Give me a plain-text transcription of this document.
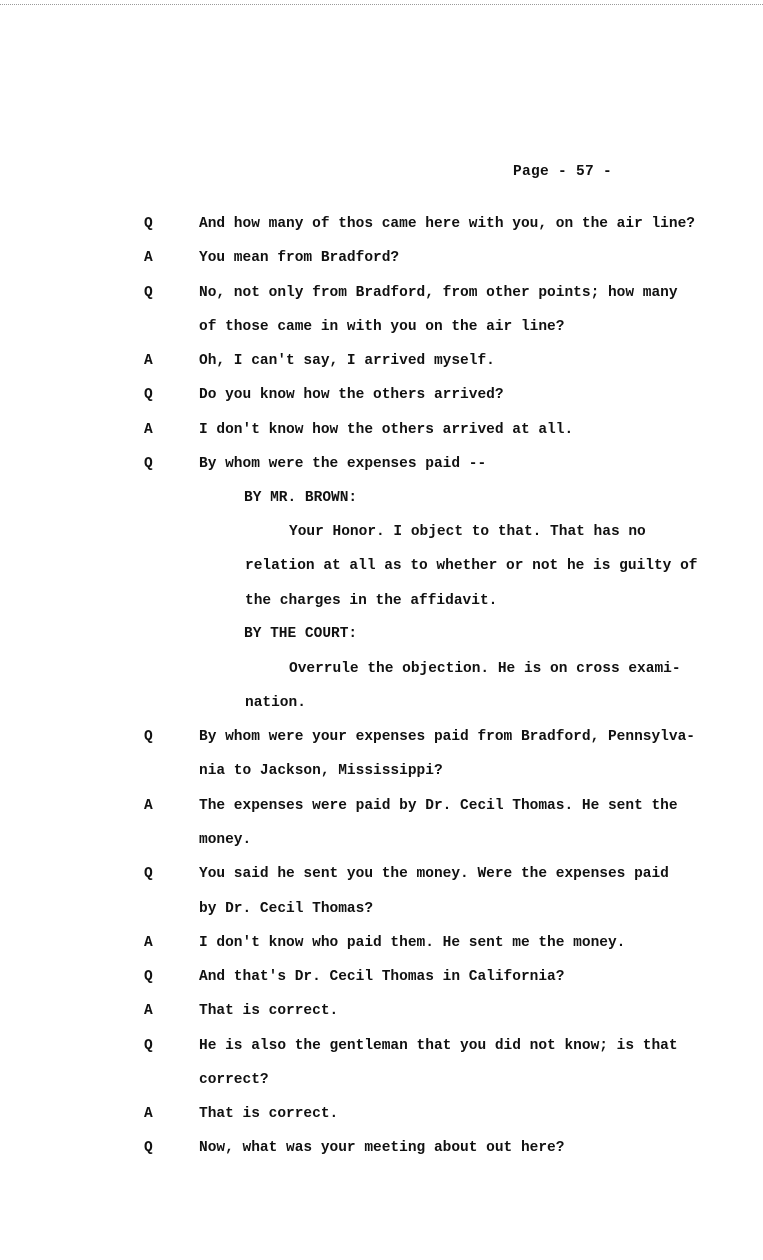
Page - 57 -
Q	And how many of thos came here with you, on the air line?
A	You mean from Bradford?
Q	No, not only from Bradford, from other points; how many
of those came in with you on the air line?
A	Oh, I can't say, I arrived myself.
Q	Do you know how the others arrived?
A	I don't know how the others arrived at all.
Q	By whom were the expenses paid --
BY MR. BROWN:
Your Honor. I object to that. That has no
relation at all as to whether or not he is guilty of
the charges in the affidavit.
BY THE COURT:
Overrule the objection. He is on cross exami-
nation.
Q	By whom were your expenses paid from Bradford, Pennsylva-
nia to Jackson, Mississippi?
A	The expenses were paid by Dr. Cecil Thomas. He sent the
money.
Q	You said he sent you the money. Were the expenses paid
by Dr. Cecil Thomas?
A	I don't know who paid them. He sent me the money.
Q	And that's Dr. Cecil Thomas in California?
A	That is correct.
Q	He is also the gentleman that you did not know; is that
correct?
A	That is correct.
Q	Now, what was your meeting about out here?
